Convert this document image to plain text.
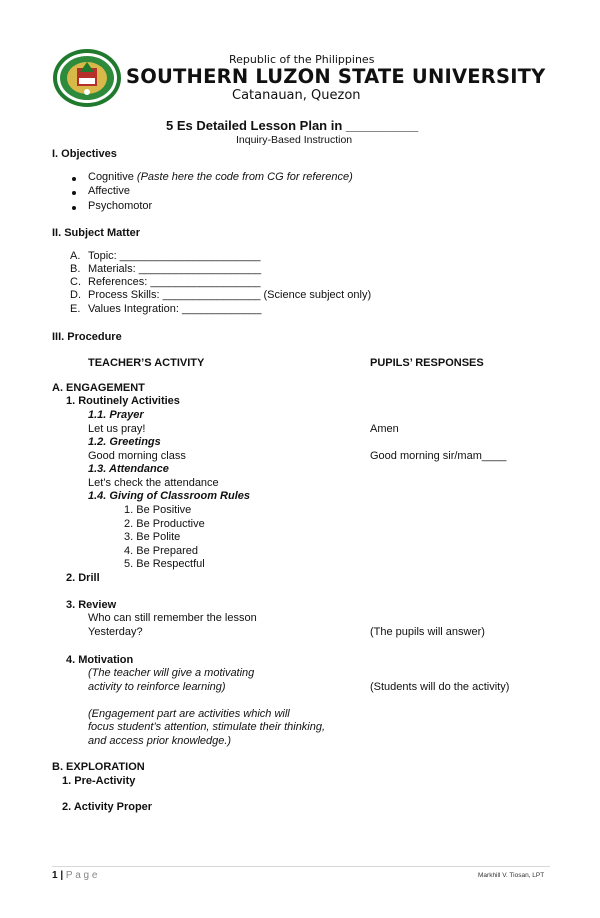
Republic of the Philippines
SOUTHERN LUZON STATE UNIVERSITY
Catanauan, Quezon
5 Es Detailed Lesson Plan in __________
Inquiry-Based Instruction
I. Objectives
Cognitive (Paste here the code from CG for reference)
Affective
Psychomotor
II. Subject Matter
A. Topic: _______________________
B. Materials: ____________________
C. References: __________________
D. Process Skills: ________________ (Science subject only)
E. Values Integration: _____________
III. Procedure
TEACHER’S ACTIVITY	PUPILS’ RESPONSES
A. ENGAGEMENT
1. Routinely Activities
1.1. Prayer
Let us pray!	Amen
1.2. Greetings
Good morning class	Good morning sir/mam____
1.3. Attendance
Let’s check the attendance
1.4. Giving of Classroom Rules
1. Be Positive
2. Be Productive
3. Be Polite
4. Be Prepared
5. Be Respectful
2. Drill
3. Review
Who can still remember the lesson
Yesterday?	(The pupils will answer)
4. Motivation
(The teacher will give a motivating
activity to reinforce learning)	(Students will do the activity)
(Engagement part are activities which will
focus student’s attention, stimulate their thinking,
and access prior knowledge.)
B. EXPLORATION
1. Pre-Activity
2. Activity Proper
1 | P a g e	Markhill V. Tiosan, LPT
